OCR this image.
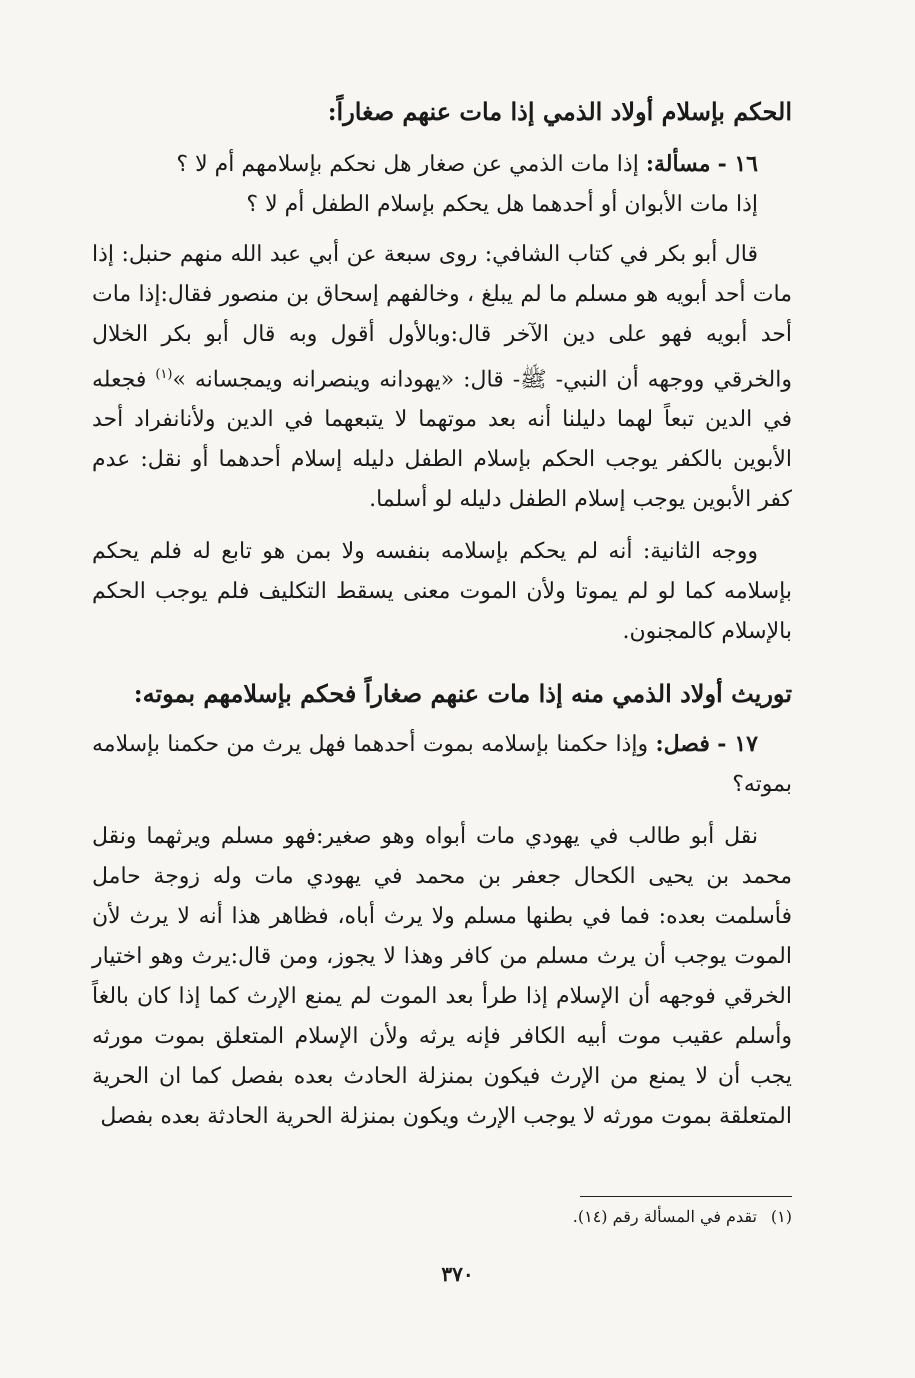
الحكم بإسلام أولاد الذمي إذا مات عنهم صغاراً:
١٦ - مسألة: إذا مات الذمي عن صغار هل نحكم بإسلامهم أم لا ؟
إذا مات الأبوان أو أحدهما هل يحكم بإسلام الطفل أم لا ؟

قال أبو بكر في كتاب الشافي: روى سبعة عن أبي عبد الله منهم حنبل: إذا مات أحد أبويه هو مسلم ما لم يبلغ ، وخالفهم إسحاق بن منصور فقال:إذا مات أحد أبويه فهو على دين الآخر قال:وبالأول أقول وبه قال أبو بكر الخلال والخرقي ووجهه أن النبي- ﷺ- قال: «يهودانه وينصرانه ويمجسانه »$^{(١)}$ فجعله في الدين تبعاً لهما دليلنا أنه بعد موتهما لا يتبعهما في الدين ولأنانفراد أحد الأبوين بالكفر يوجب الحكم بإسلام الطفل دليله إسلام أحدهما أو نقل: عدم كفر الأبوين يوجب إسلام الطفل دليله لو أسلما.

ووجه الثانية: أنه لم يحكم بإسلامه بنفسه ولا بمن هو تابع له فلم يحكم بإسلامه كما لو لم يموتا ولأن الموت معنى يسقط التكليف فلم يوجب الحكم بالإسلام كالمجنون.

توريث أولاد الذمي منه إذا مات عنهم صغاراً فحكم بإسلامهم بموته:

١٧ - فصل: وإذا حكمنا بإسلامه بموت أحدهما فهل يرث من حكمنا بإسلامه بموته؟

نقل أبو طالب في يهودي مات أبواه وهو صغير:فهو مسلم ويرثهما ونقل محمد بن يحيى الكحال جعفر بن محمد في يهودي مات وله زوجة حامل فأسلمت بعده: فما في بطنها مسلم ولا يرث أباه، فظاهر هذا أنه لا يرث لأن الموت يوجب أن يرث مسلم من كافر وهذا لا يجوز، ومن قال:يرث وهو اختيار الخرقي فوجهه أن الإسلام إذا طرأ بعد الموت لم يمنع الإرث كما إذا كان بالغاً وأسلم عقيب موت أبيه الكافر فإنه يرثه ولأن الإسلام المتعلق بموت مورثه يجب أن لا يمنع من الإرث فيكون بمنزلة الحادث بعده بفصل كما ان الحرية المتعلقة بموت مورثه لا يوجب الإرث ويكون بمنزلة الحرية الحادثة بعده بفصل

(١)تقدم في المسألة رقم (١٤).
٣٧٠
